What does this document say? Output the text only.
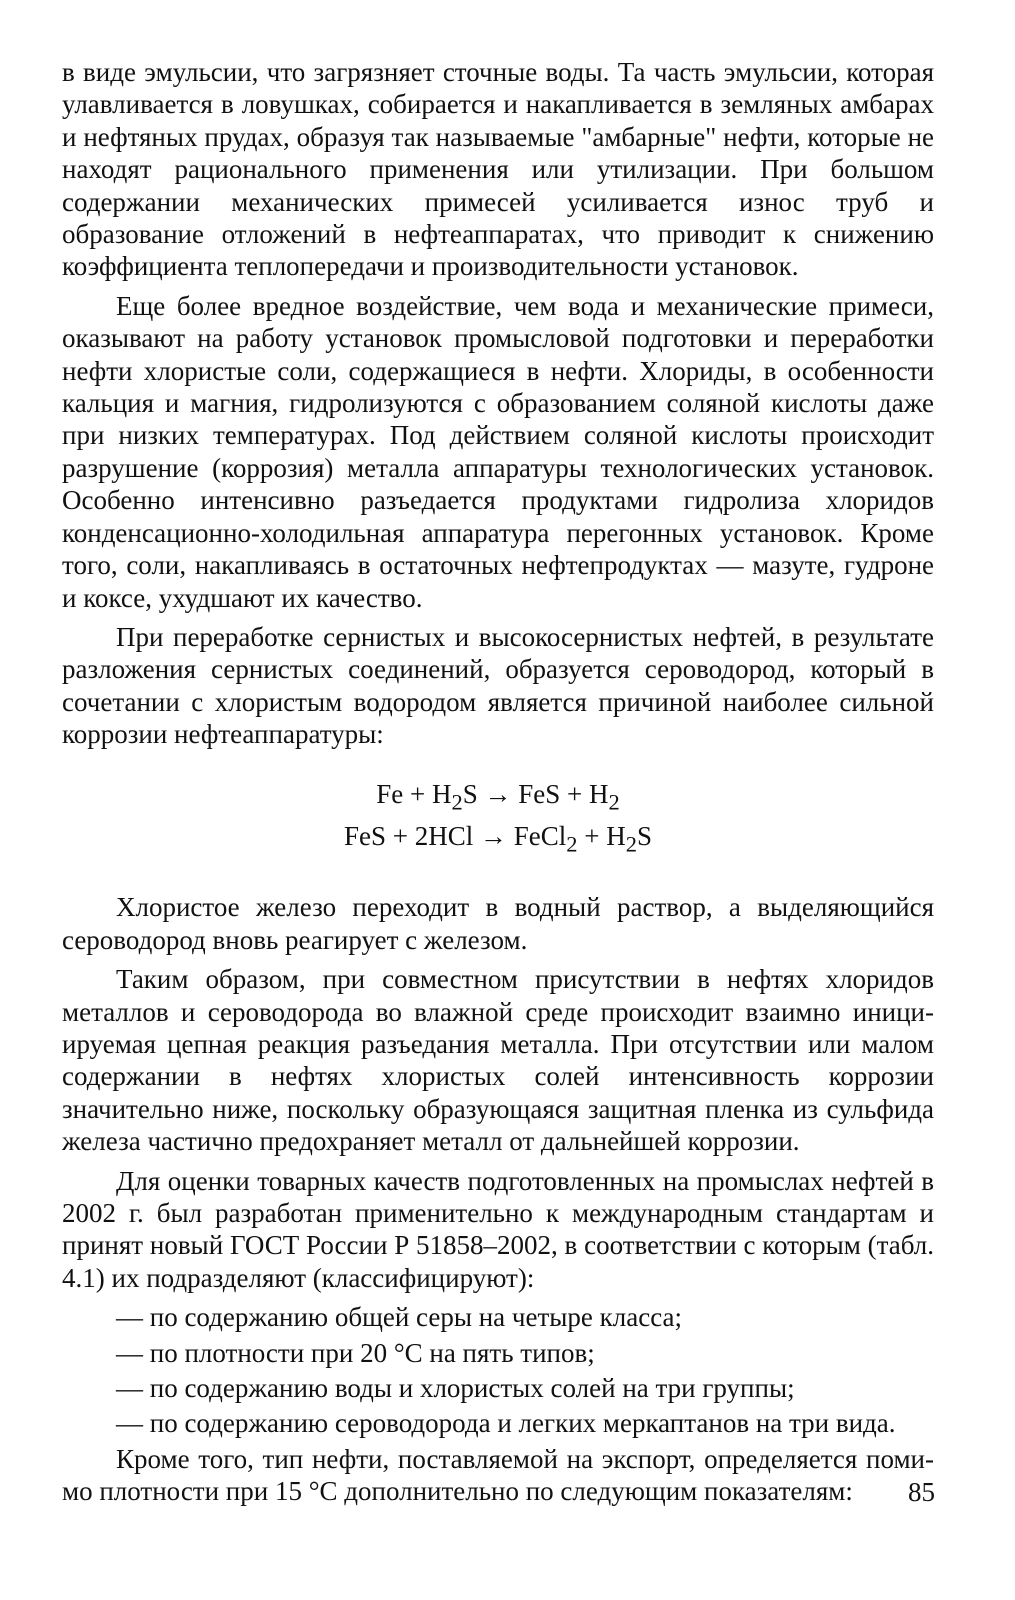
в виде эмульсии, что загрязняет сточные воды. Та часть эмульсии, которая улавливается в ловушках, собирается и накапливается в земляных амбарах и нефтяных прудах, образуя так называемые "амбарные" нефти, которые не находят рационального применения или утилизации. При большом содержании механических примесей усиливается износ труб и образование отложений в нефтеаппаратах, что приводит к снижению коэффициента теплопередачи и производительности установок.

Еще более вредное воздействие, чем вода и механические примеси, оказывают на работу установок промысловой подготовки и переработки нефти хлористые соли, содержащиеся в нефти. Хлориды, в особенности кальция и магния, гидролизуются с образованием соляной кислоты даже при низких температурах. Под действием соляной кислоты происходит разрушение (коррозия) металла аппаратуры технологических установок. Особенно интенсивно разъедается продуктами гидролиза хлоридов конденсационно-холодильная аппаратура перегонных установок. Кроме того, соли, накапливаясь в остаточных нефтепродуктах — мазуте, гудроне и коксе, ухудшают их качество.

При переработке сернистых и высокосернистых нефтей, в результате разложения сернистых соединений, образуется сероводород, который в сочетании с хлористым водородом является причиной наиболее сильной коррозии нефтеаппаратуры:

$Fe + H_2S$ → FeS + $H_2$
FeS + 2HCl → FeCl$_2$ + $H_2S$

Хлористое железо переходит в водный раствор, а выделяющийся сероводород вновь реагирует с железом.

Таким образом, при совместном присутствии в нефтях хлоридов металлов и сероводорода во влажной среде происходит взаимно инициируемая цепная реакция разъедания металла. При отсутствии или малом содержании в нефтях хлористых солей интенсивность коррозии значительно ниже, поскольку образующаяся защитная пленка из сульфида железа частично предохраняет металл от дальнейшей коррозии.

Для оценки товарных качеств подготовленных на промыслах нефтей в 2002 г. был разработан применительно к международным стандартам и принят новый ГОСТ России Р 51858–2002, в соответствии с которым (табл. 4.1) их подразделяют (классифицируют):

— по содержанию общей серы на четыре класса;
— по плотности при 20 °С на пять типов;
— по содержанию воды и хлористых солей на три группы;
— по содержанию сероводорода и легких меркаптанов на три вида.

Кроме того, тип нефти, поставляемой на экспорт, определяется помимо плотности при 15 °С дополнительно по следующим показателям:	85
